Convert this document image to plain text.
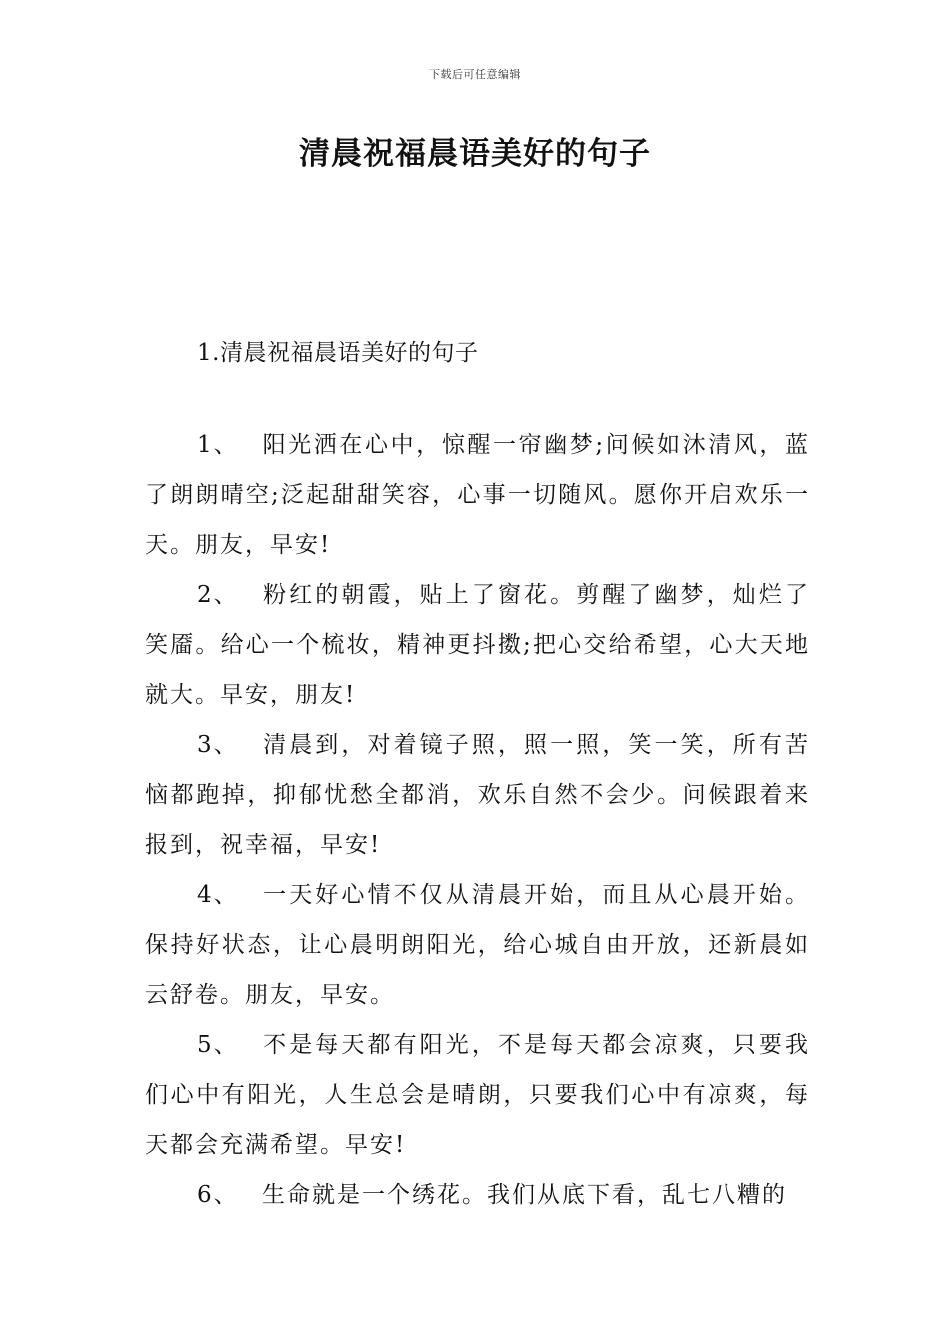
下载后可任意编辑
清晨祝福晨语美好的句子
1.清晨祝福晨语美好的句子

1、 阳光洒在心中，惊醒一帘幽梦;问候如沐清风，蓝了朗朗晴空;泛起甜甜笑容，心事一切随风。愿你开启欢乐一天。朋友，早安!

2、 粉红的朝霞，贴上了窗花。剪醒了幽梦，灿烂了笑靥。给心一个梳妆，精神更抖擞;把心交给希望，心大天地就大。早安，朋友!

3、 清晨到，对着镜子照，照一照，笑一笑，所有苦恼都跑掉，抑郁忧愁全都消，欢乐自然不会少。问候跟着来报到，祝幸福，早安!

4、 一天好心情不仅从清晨开始，而且从心晨开始。保持好状态，让心晨明朗阳光，给心城自由开放，还新晨如云舒卷。朋友，早安。

5、 不是每天都有阳光，不是每天都会凉爽，只要我们心中有阳光，人生总会是晴朗，只要我们心中有凉爽，每天都会充满希望。早安!

6、 生命就是一个绣花。我们从底下看，乱七八糟的
